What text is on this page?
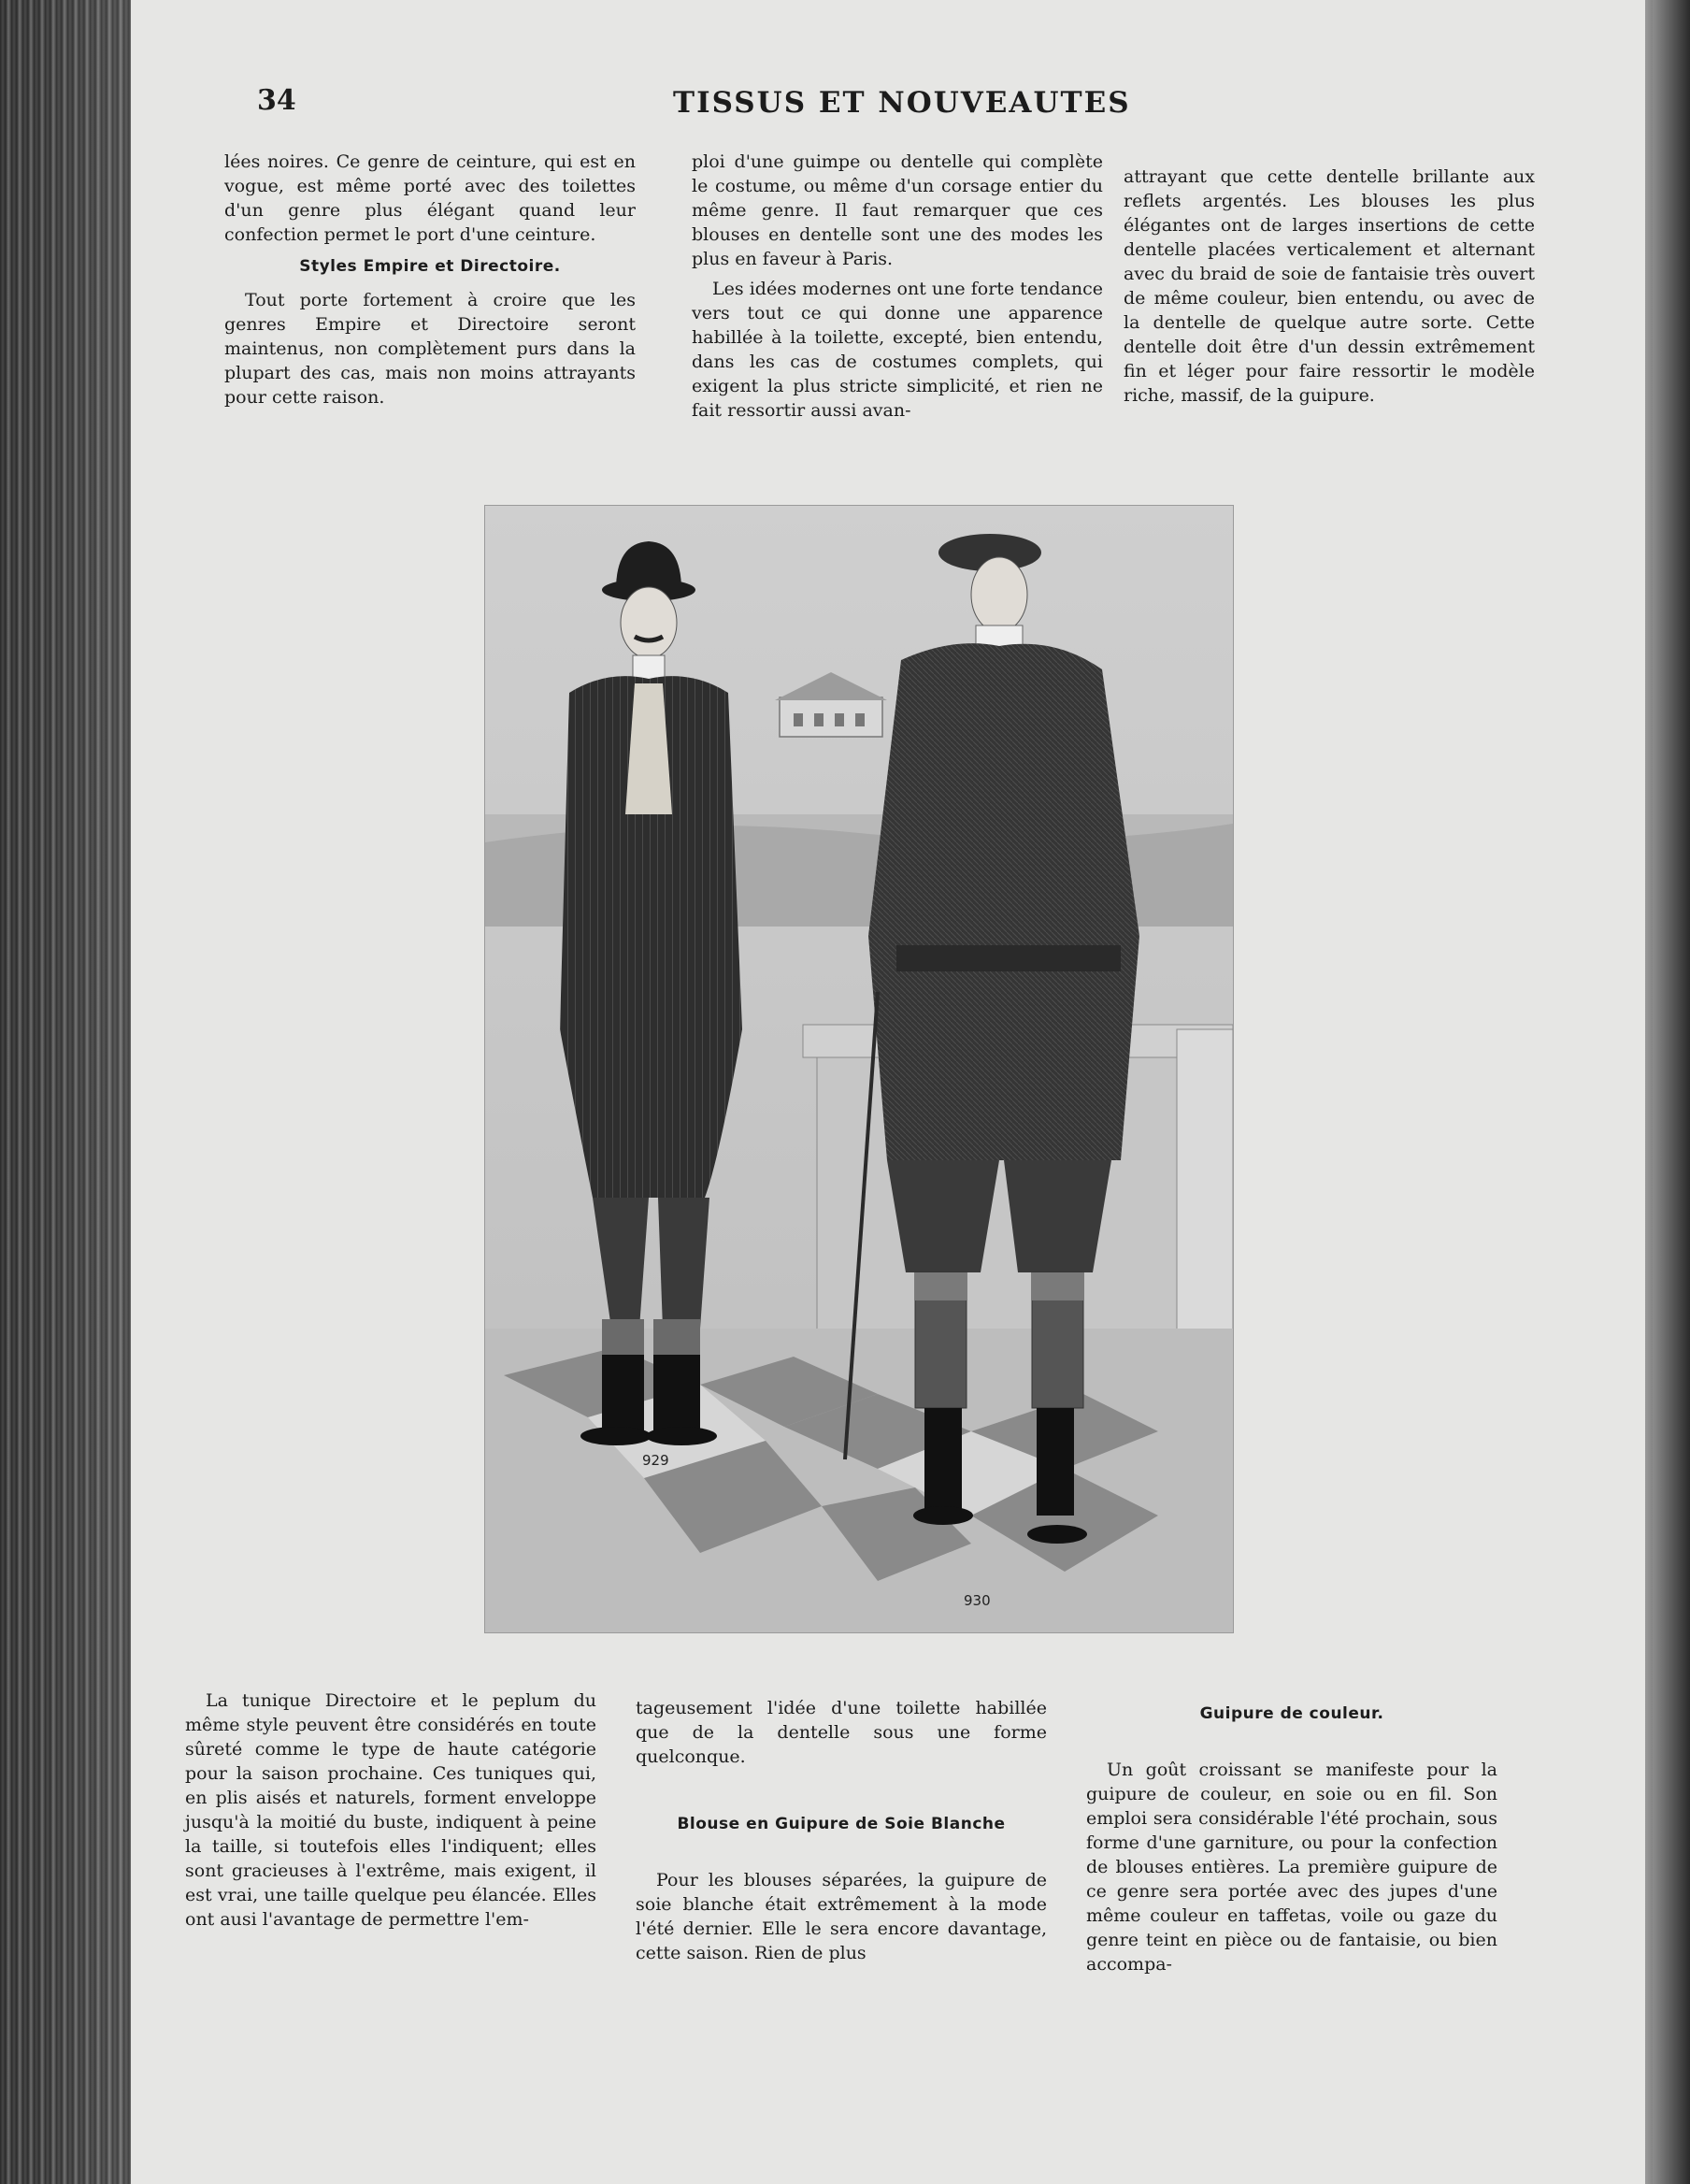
34	TISSUS ET NOUVEAUTES

lées noires. Ce genre de ceinture, qui est en vogue, est même porté avec des toilettes d'un genre plus élégant quand leur confection permet le port d'une ceinture.

Styles Empire et Directoire.

Tout porte fortement à croire que les genres Empire et Directoire seront maintenus, non complètement purs dans la plupart des cas, mais non moins attrayants pour cette raison.

ploi d'une guimpe ou dentelle qui complète le costume, ou même d'un corsage entier du même genre. Il faut remarquer que ces blouses en dentelle sont une des modes les plus en faveur à Paris.

Les idées modernes ont une forte tendance vers tout ce qui donne une apparence habillée à la toilette, excepté, bien entendu, dans les cas de costumes complets, qui exigent la plus stricte simplicité, et rien ne fait ressortir aussi avan-

attrayant que cette dentelle brillante aux reflets argentés. Les blouses les plus élégantes ont de larges insertions de cette dentelle placées verticalement et alternant avec du braid de soie de fantaisie très ouvert de même couleur, bien entendu, ou avec de la dentelle de quelque autre sorte. Cette dentelle doit être d'un dessin extrêmement fin et léger pour faire ressortir le modèle riche, massif, de la guipure.

929
930

La tunique Directoire et le peplum du même style peuvent être considérés en toute sûreté comme le type de haute catégorie pour la saison prochaine. Ces tuniques qui, en plis aisés et naturels, forment enveloppe jusqu'à la moitié du buste, indiquent à peine la taille, si toutefois elles l'indiquent; elles sont gracieuses à l'extrême, mais exigent, il est vrai, une taille quelque peu élancée. Elles ont ausi l'avantage de permettre l'em-

tageusement l'idée d'une toilette habillée que de la dentelle sous une forme quelconque.

Blouse en Guipure de Soie Blanche

Pour les blouses séparées, la guipure de soie blanche était extrêmement à la mode l'été dernier. Elle le sera encore davantage, cette saison. Rien de plus

Guipure de couleur.

Un goût croissant se manifeste pour la guipure de couleur, en soie ou en fil. Son emploi sera considérable l'été prochain, sous forme d'une garniture, ou pour la confection de blouses entières. La première guipure de ce genre sera portée avec des jupes d'une même couleur en taffetas, voile ou gaze du genre teint en pièce ou de fantaisie, ou bien accompa-
